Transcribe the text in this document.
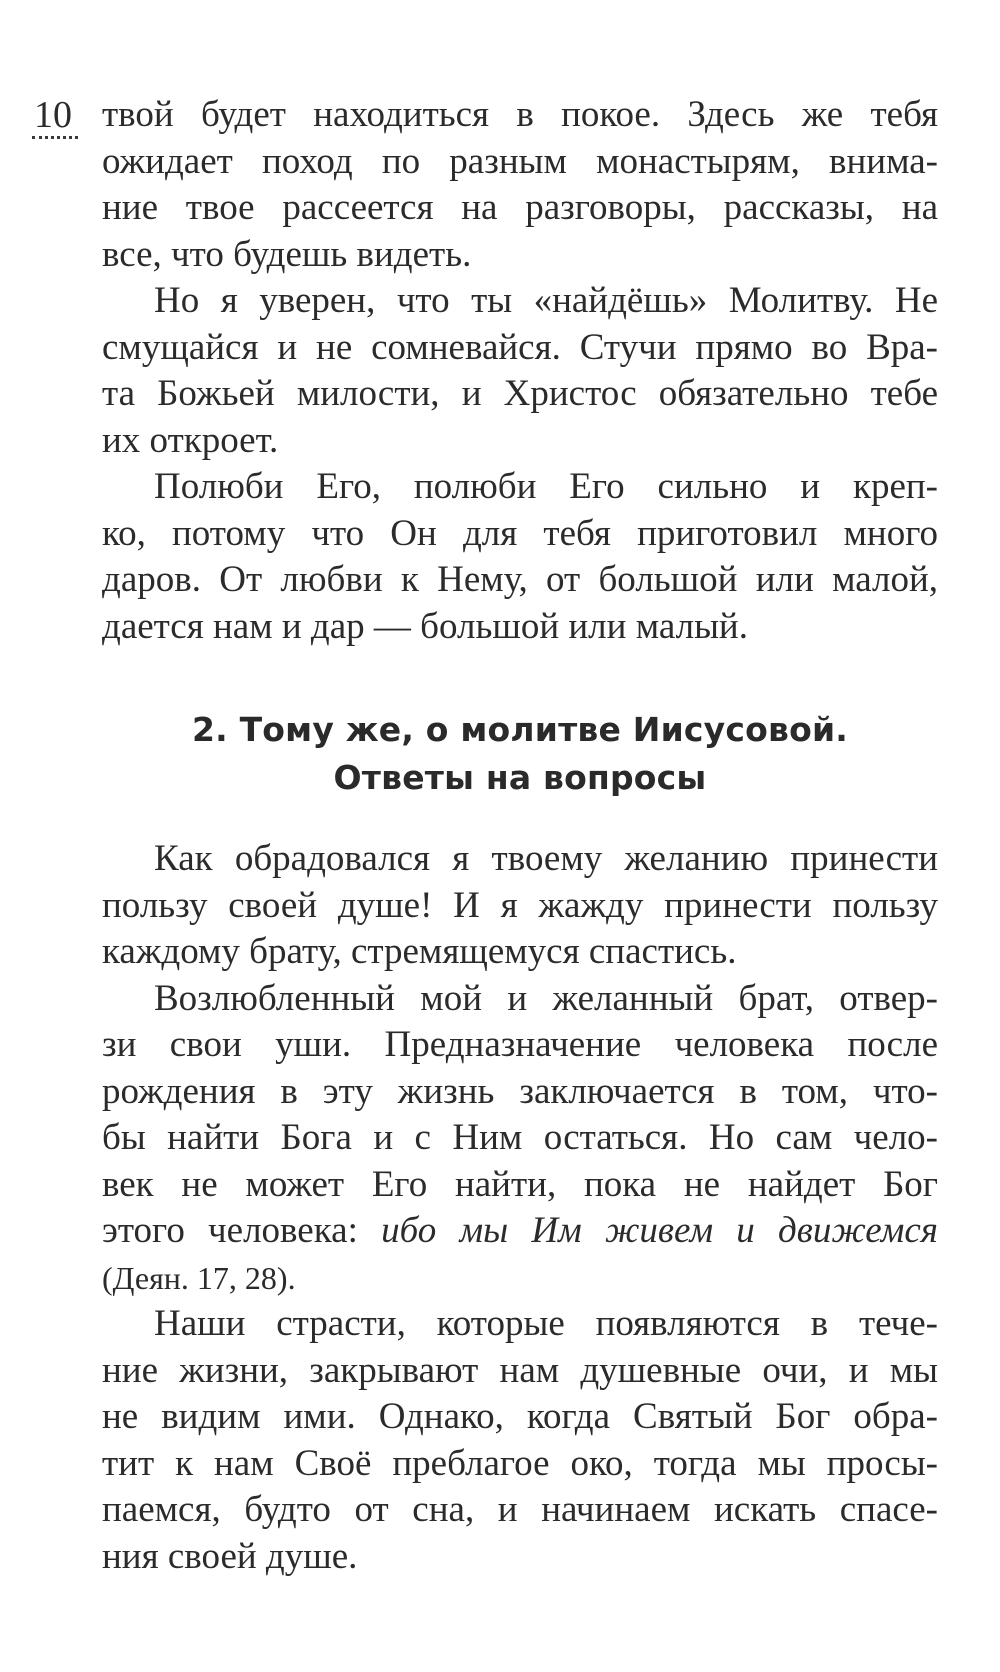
10 твой будет находиться в покое. Здесь же тебя
ожидает поход по разным монастырям, внима-
ние твое рассеется на разговоры, рассказы, на
все, что будешь видеть.
Но я уверен, что ты «найдёшь» Молитву. Не
смущайся и не сомневайся. Стучи прямо во Вра-
та Божьей милости, и Христос обязательно тебе
их откроет.
Полюби Его, полюби Его сильно и креп-
ко, потому что Он для тебя приготовил много
даров. От любви к Нему, от большой или малой,
дается нам и дар — большой или малый.
2. Тому же, о молитве Иисусовой.
Ответы на вопросы
Как обрадовался я твоему желанию принести
пользу своей душе! И я жажду принести пользу
каждому брату, стремящемуся спастись.
Возлюбленный мой и желанный брат, отвер-
зи свои уши. Предназначение человека после
рождения в эту жизнь заключается в том, что-
бы найти Бога и с Ним остаться. Но сам чело-
век не может Его найти, пока не найдет Бог
этого человека: ибо мы Им живем и движемся
(Деян. 17, 28).
Наши страсти, которые появляются в тече-
ние жизни, закрывают нам душевные очи, и мы
не видим ими. Однако, когда Святый Бог обра-
тит к нам Своё преблагое око, тогда мы просы-
паемся, будто от сна, и начинаем искать спасе-
ния своей душе.
